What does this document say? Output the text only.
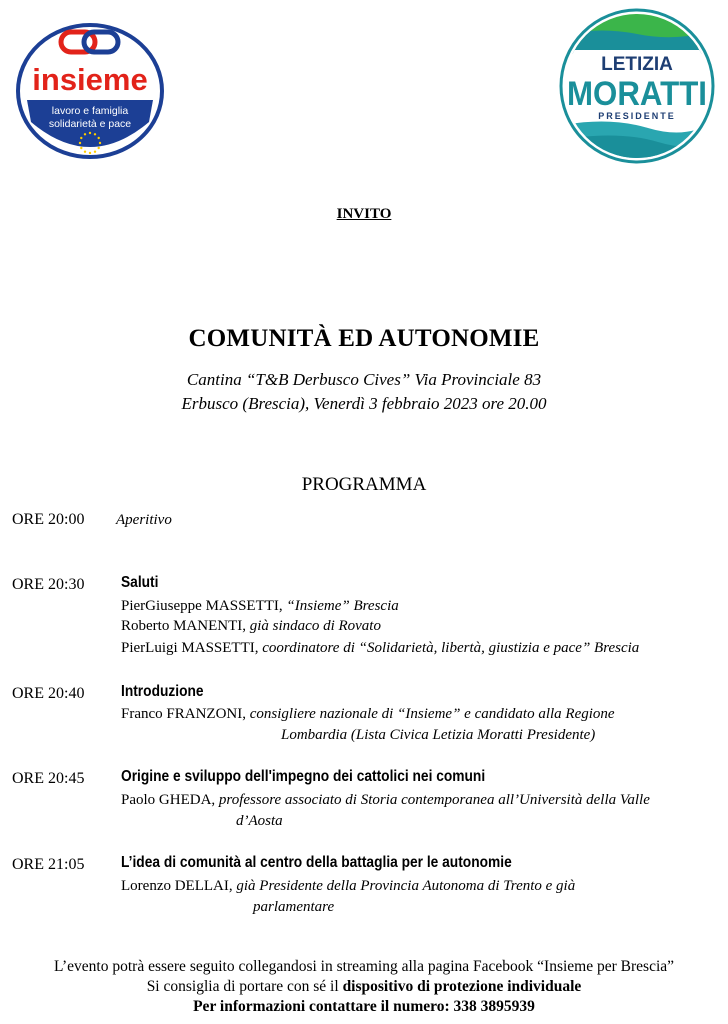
insieme
lavoro e famiglia
solidarietà e pace
LETIZIA
MORATTI
PRESIDENTE
INVITO
COMUNITÀ ED AUTONOMIE
Cantina “T&B Derbusco Cives” Via Provinciale 83
Erbusco (Brescia), Venerdì 3 febbraio 2023 ore 20.00
PROGRAMMA
ORE 20:00 Aperitivo
ORE 20:30 Saluti
PierGiuseppe MASSETTI, “Insieme” Brescia
Roberto MANENTI, già sindaco di Rovato
PierLuigi MASSETTI, coordinatore di “Solidarietà, libertà, giustizia e pace” Brescia
ORE 20:40 Introduzione
Franco FRANZONI, consigliere nazionale di “Insieme” e candidato alla Regione
Lombardia (Lista Civica Letizia Moratti Presidente)
ORE 20:45 Origine e sviluppo dell'impegno dei cattolici nei comuni
Paolo GHEDA, professore associato di Storia contemporanea all’Università della Valle
d’Aosta
ORE 21:05 L’idea di comunità al centro della battaglia per le autonomie
Lorenzo DELLAI, già Presidente della Provincia Autonoma di Trento e già
parlamentare
L’evento potrà essere seguito collegandosi in streaming alla pagina Facebook “Insieme per Brescia”
Si consiglia di portare con sé il dispositivo di protezione individuale
Per informazioni contattare il numero: 338 3895939
